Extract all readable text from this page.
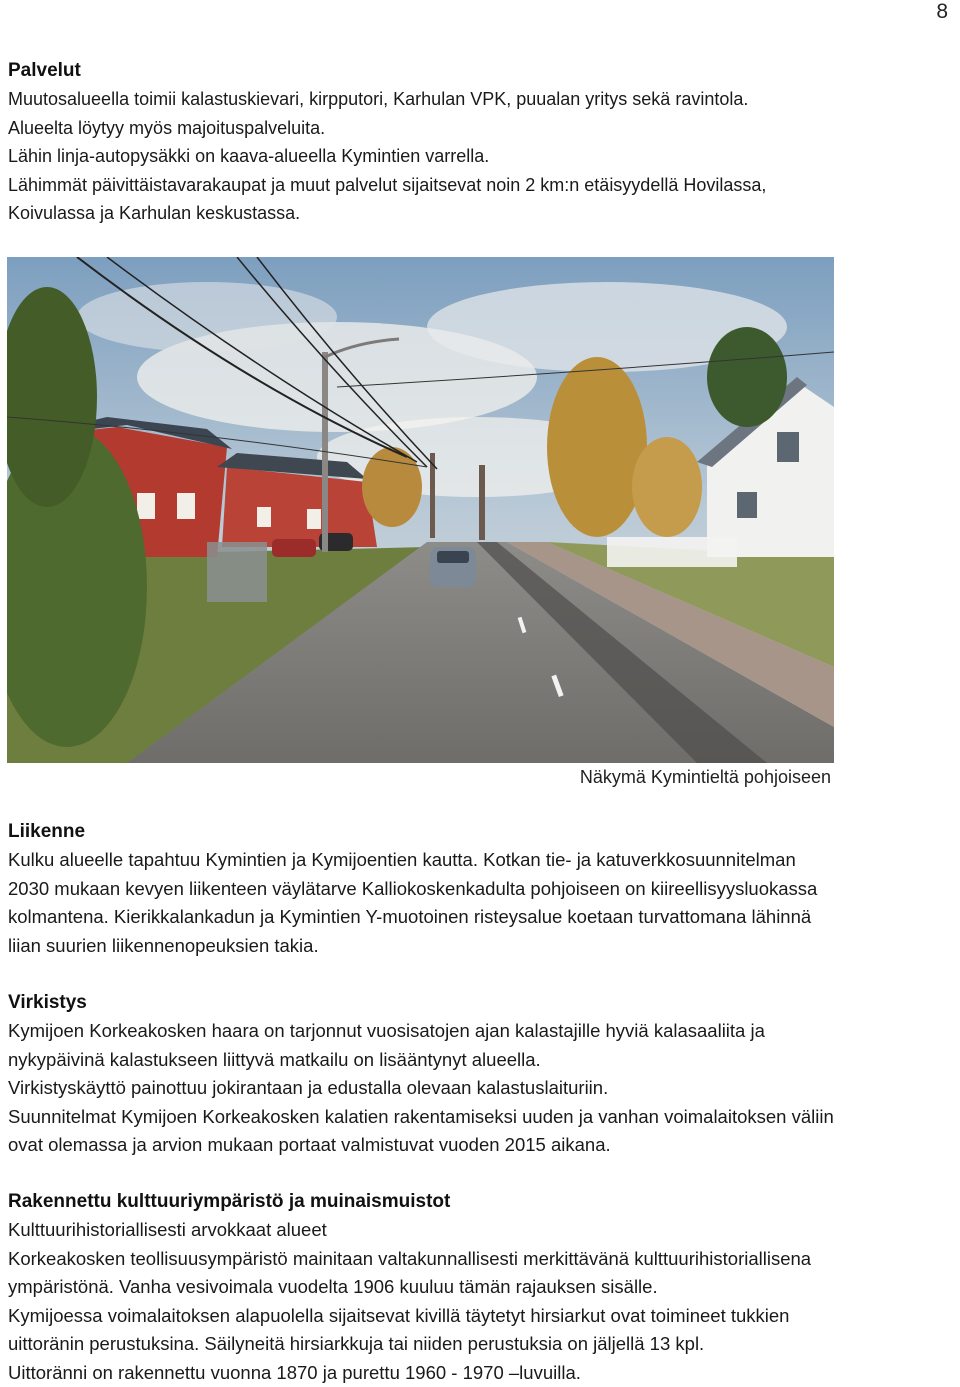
8
Palvelut
Muutosalueella toimii kalastuskievari, kirpputori, Karhulan VPK, puualan yritys sekä ravintola.
Alueelta löytyy myös majoituspalveluita.
Lähin linja-autopysäkki on kaava-alueella Kymintien varrella.
Lähimmät päivittäistavarakaupat ja muut palvelut sijaitsevat noin 2 km:n etäisyydellä Hovilassa,
Koivulassa ja Karhulan keskustassa.
Näkymä Kymintieltä pohjoiseen
Liikenne
Kulku alueelle tapahtuu Kymintien ja Kymijoentien kautta. Kotkan tie- ja katuverkkosuunnitelman
2030 mukaan kevyen liikenteen väylätarve Kalliokoskenkadulta pohjoiseen on kiireellisyysluokassa
kolmantena. Kierikkalankadun ja Kymintien Y-muotoinen risteysalue koetaan turvattomana lähinnä
liian suurien liikennenopeuksien takia.
Virkistys
Kymijoen Korkeakosken haara on tarjonnut vuosisatojen ajan kalastajille hyviä kalasaaliita ja
nykypäivinä kalastukseen liittyvä matkailu on lisääntynyt alueella.
Virkistyskäyttö painottuu jokirantaan ja edustalla olevaan kalastuslaituriin.
Suunnitelmat Kymijoen Korkeakosken kalatien rakentamiseksi uuden ja vanhan voimalaitoksen väliin
ovat olemassa ja arvion mukaan portaat valmistuvat vuoden 2015 aikana.
Rakennettu kulttuuriympäristö ja muinaismuistot
Kulttuurihistoriallisesti arvokkaat alueet
Korkeakosken teollisuusympäristö mainitaan valtakunnallisesti merkittävänä kulttuurihistoriallisena
ympäristönä. Vanha vesivoimala vuodelta 1906 kuuluu tämän rajauksen sisälle.
Kymijoessa voimalaitoksen alapuolella sijaitsevat kivillä täytetyt hirsiarkut ovat toimineet tukkien
uittoränin perustuksina. Säilyneitä hirsiarkkuja tai niiden perustuksia on jäljellä 13 kpl.
Uittoränni on rakennettu vuonna 1870 ja purettu 1960 - 1970 –luvuilla.
